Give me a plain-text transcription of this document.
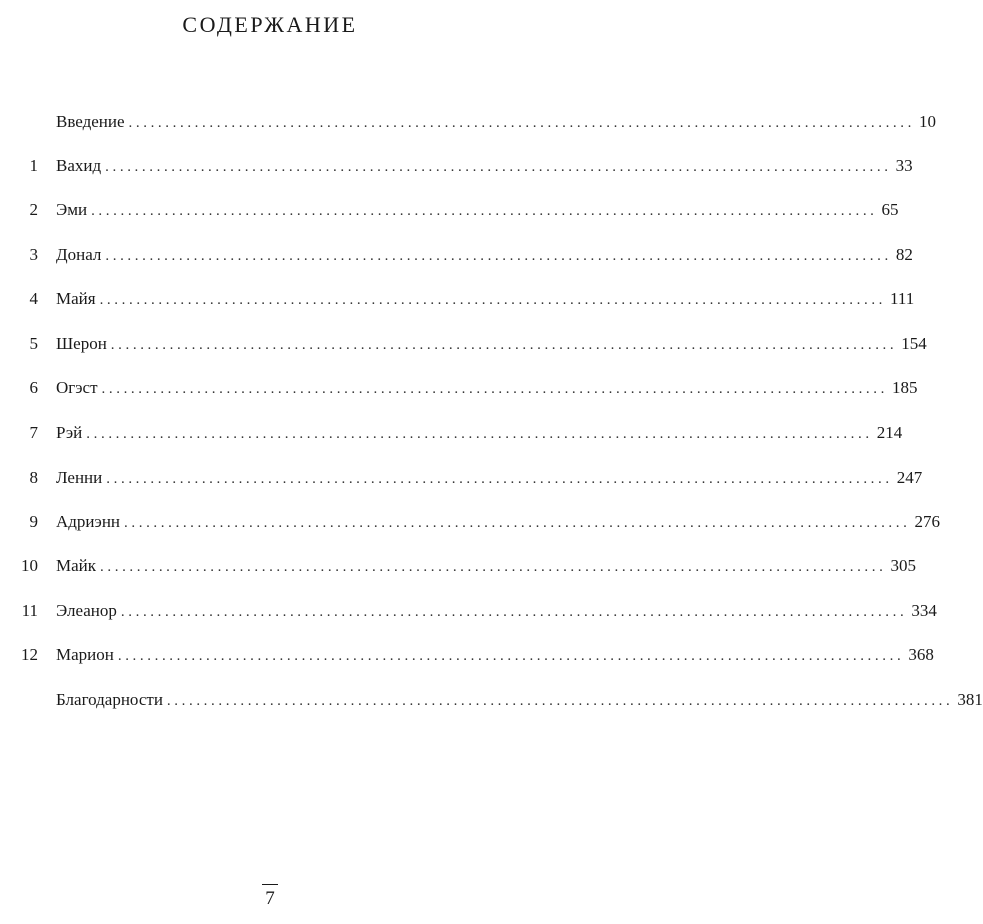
СОДЕРЖАНИЕ
Введение ........................................................................................................... 10
1 Вахид ........................................................................................................... 33
2 Эми ........................................................................................................... 65
3 Донал ........................................................................................................... 82
4 Майя ........................................................................................................... 111
5 Шерон ........................................................................................................... 154
6 Огэст ........................................................................................................... 185
7 Рэй ........................................................................................................... 214
8 Ленни ........................................................................................................... 247
9 Адриэнн ........................................................................................................... 276
10 Майк ........................................................................................................... 305
11 Элеанор ........................................................................................................... 334
12 Марион ........................................................................................................... 368
Благодарности ........................................................................................................... 381
7
